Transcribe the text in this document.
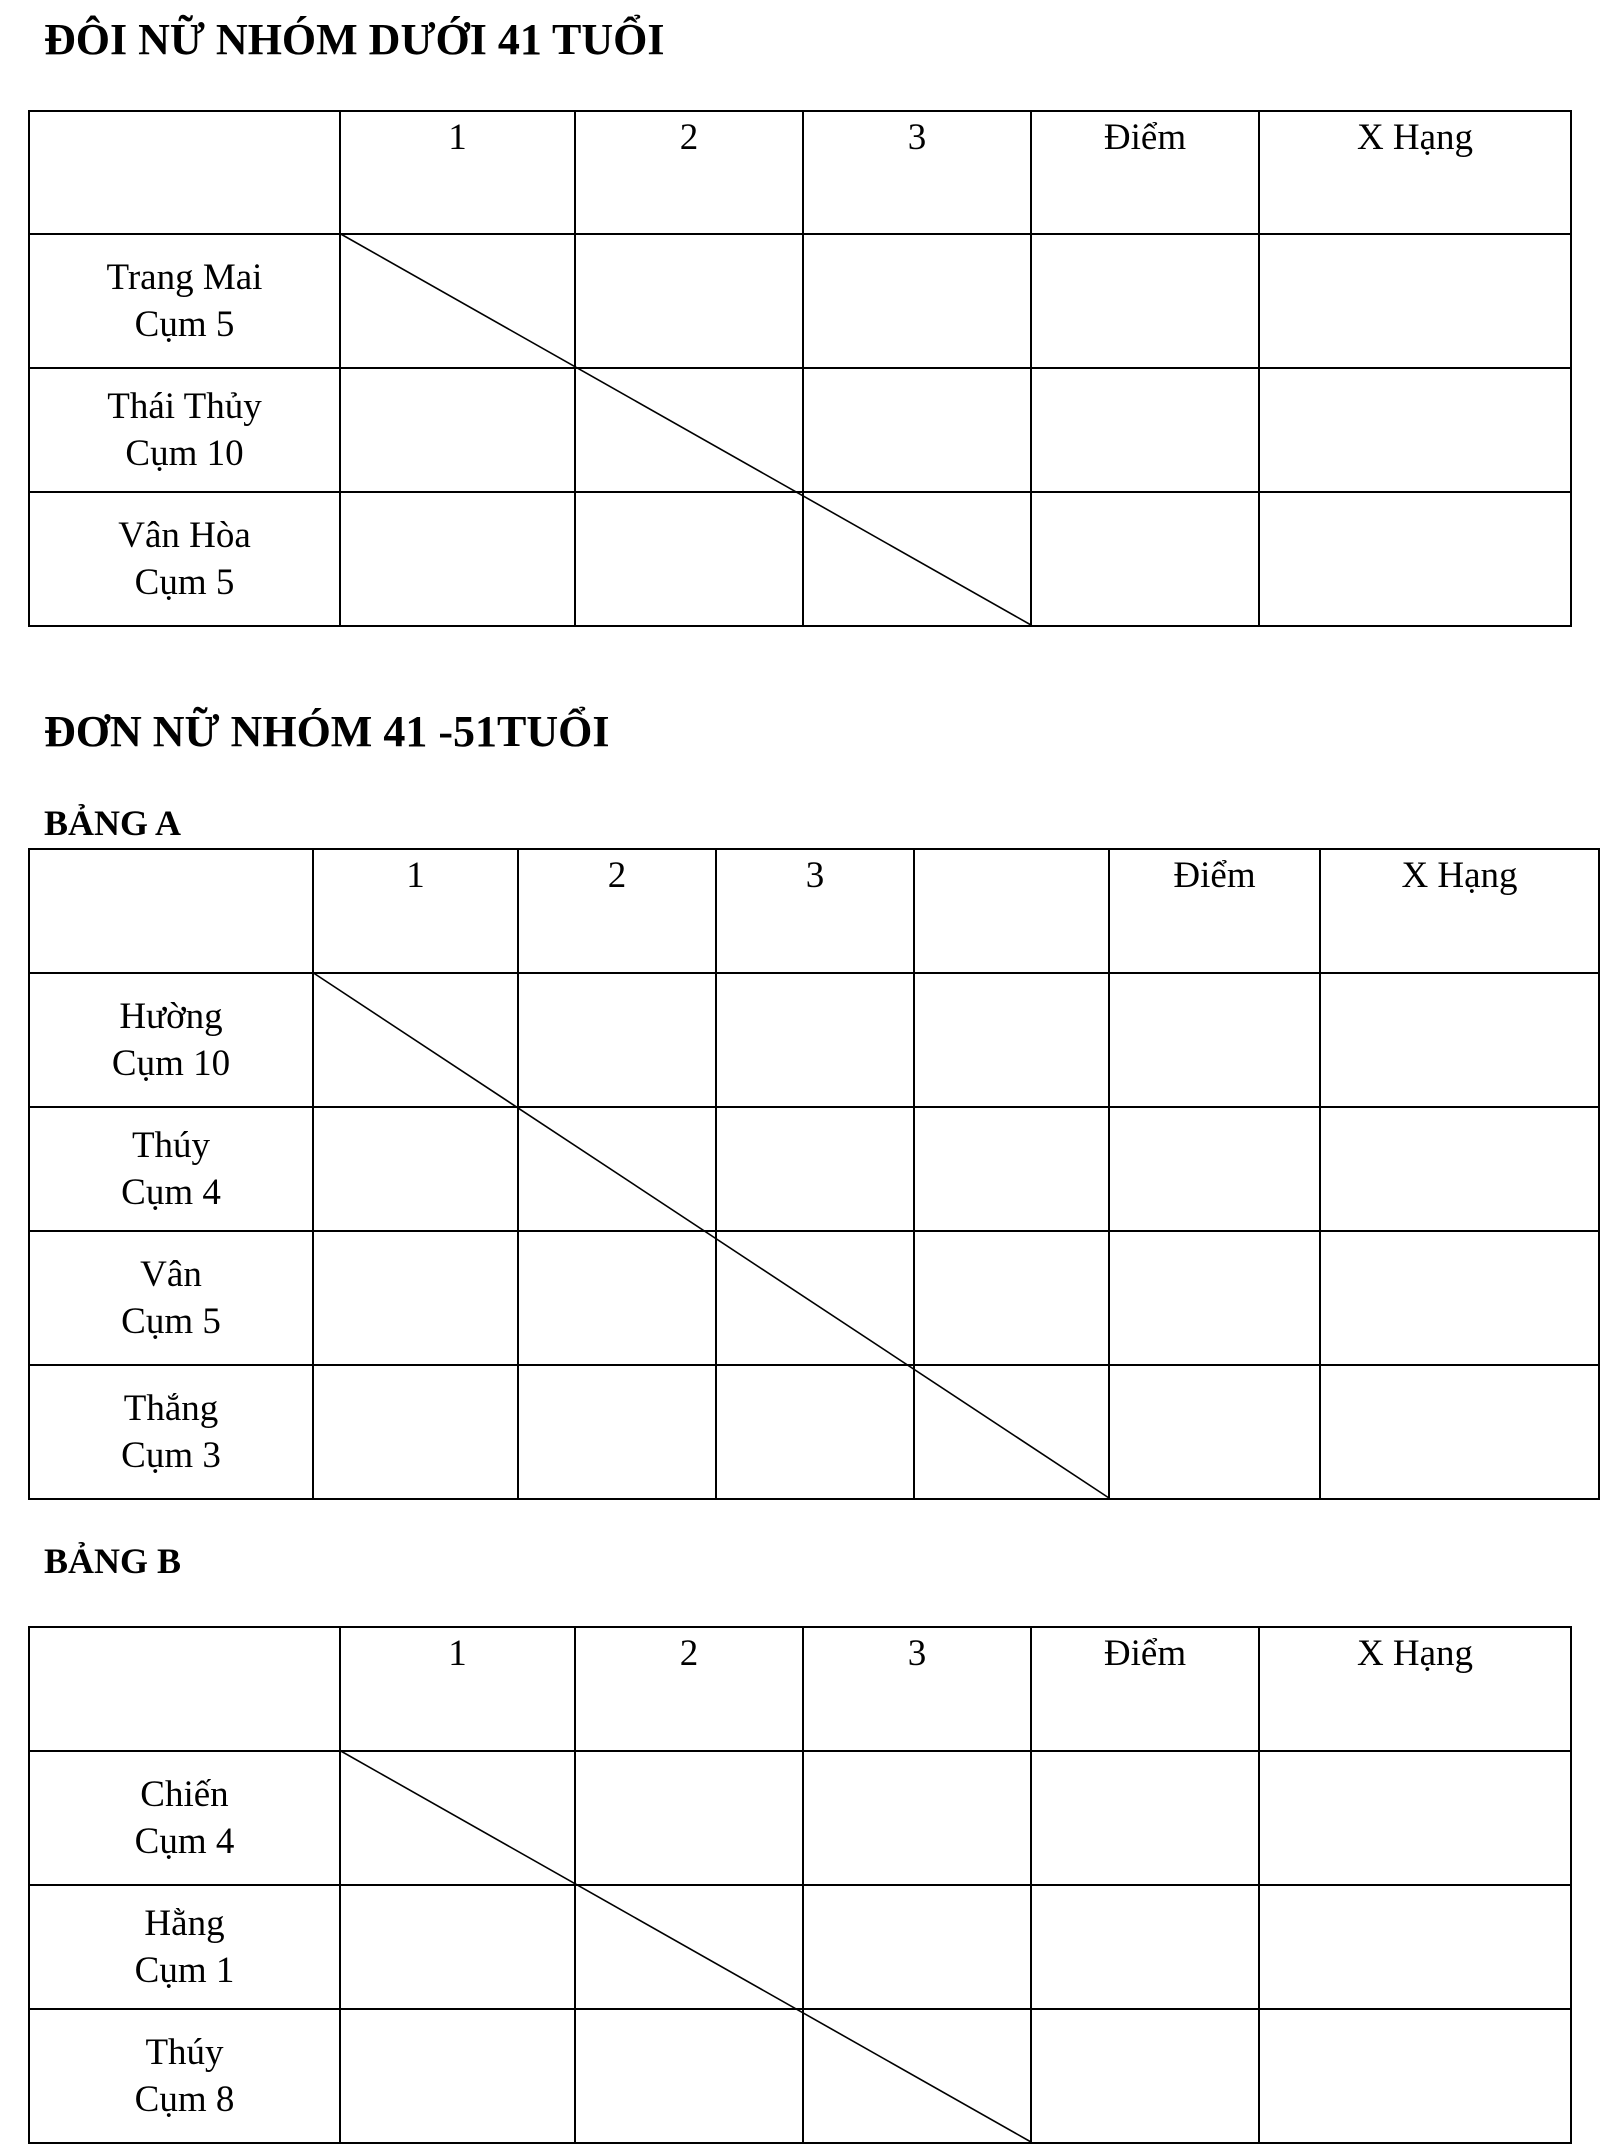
ĐÔI NỮ NHÓM DƯỚI 41 TUỔI
	1	2	3	Điểm	X Hạng

Trang Mai
Cụm 5					

Thái Thủy
Cụm 10					

Vân Hòa
Cụm 5					

ĐƠN NỮ NHÓM 41 -51TUỔI
BẢNG A
	1	2	3		Điểm	X Hạng

Hường
Cụm 10						

Thúy
Cụm 4						

Vân
Cụm 5						

Thắng
Cụm 3						

BẢNG B
	1	2	3	Điểm	X Hạng

Chiến
Cụm 4					

Hằng
Cụm 1					

Thúy
Cụm 8					
